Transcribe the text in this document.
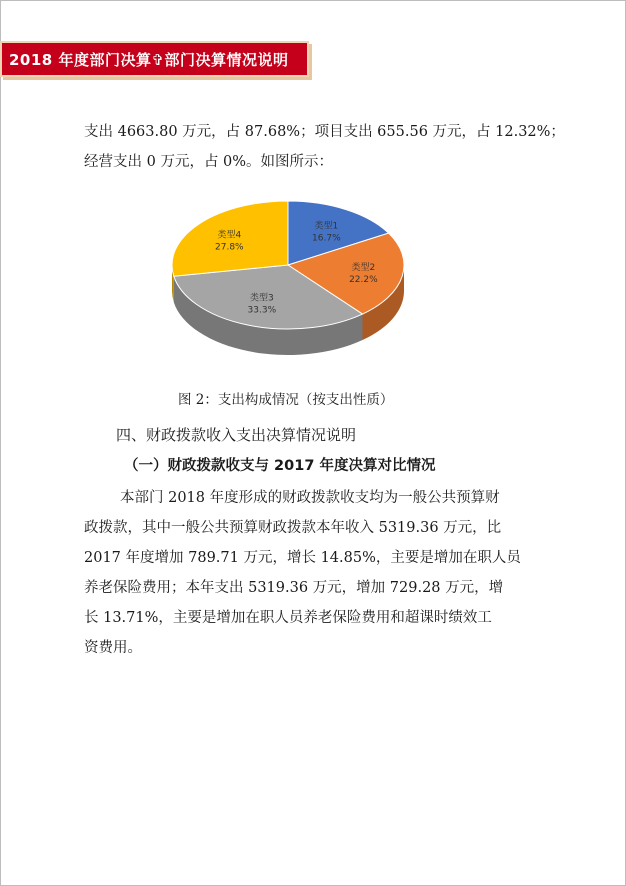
2018 年度部门决算✞部门决算情况说明
支出 4663.80 万元，占 87.68%；项目支出 655.56 万元，占 12.32%；
经营支出 0 万元，占 0%。如图所示：
类型1
16.7%
类型2
22.2%
类型3
33.3%
类型4
27.8%
图 2：支出构成情况（按支出性质）
四、财政拨款收入支出决算情况说明
（一）财政拨款收支与 2017 年度决算对比情况
本部门 2018 年度形成的财政拨款收支均为一般公共预算财
政拨款，其中一般公共预算财政拨款本年收入 5319.36 万元，比
2017 年度增加 789.71 万元，增长 14.85%，主要是增加在职人员
养老保险费用；本年支出 5319.36 万元，增加 729.28 万元，增
长 13.71%，主要是增加在职人员养老保险费用和超课时绩效工
资费用。
